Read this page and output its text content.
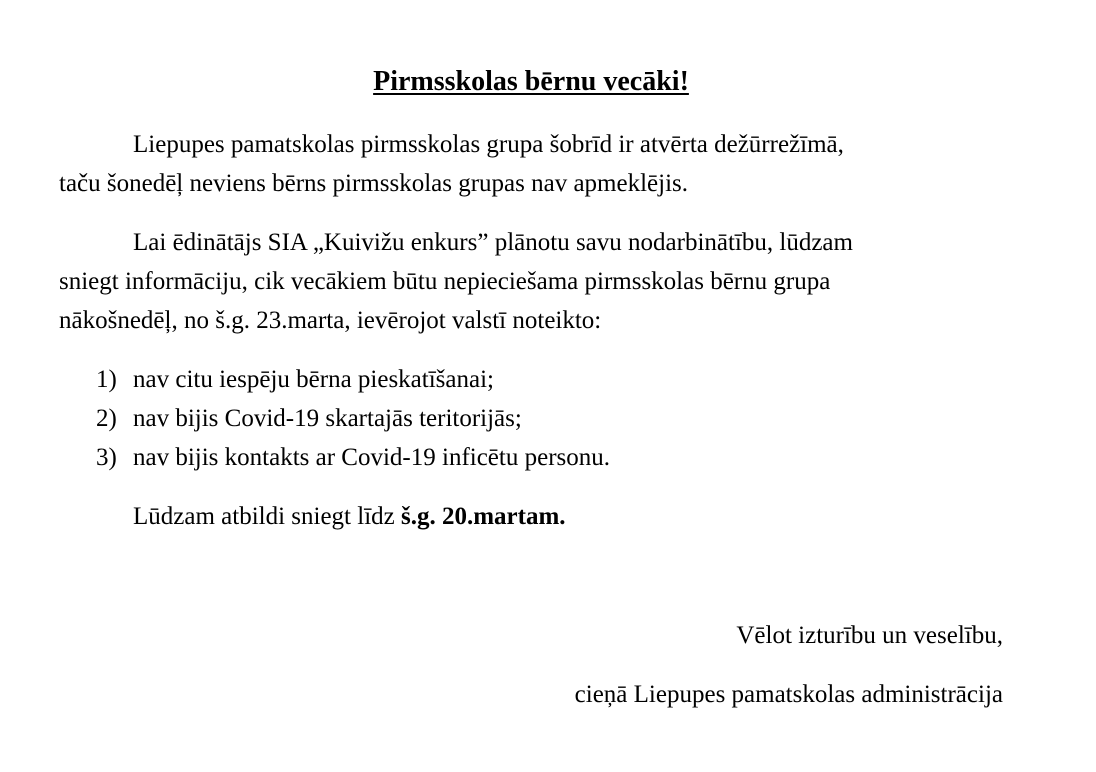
Pirmsskolas bērnu vecāki!
Liepupes pamatskolas pirmsskolas grupa šobrīd ir atvērta dežūrrežīmā,
taču šonedēļ neviens bērns pirmsskolas grupas nav apmeklējis.
Lai ēdinātājs SIA „Kuivižu enkurs” plānotu savu nodarbinātību, lūdzam
sniegt informāciju, cik vecākiem būtu nepieciešama pirmsskolas bērnu grupa
nākošnedēļ, no š.g. 23.marta, ievērojot valstī noteikto:
1) nav citu iespēju bērna pieskatīšanai;
2) nav bijis Covid-19 skartajās teritorijās;
3) nav bijis kontakts ar Covid-19 inficētu personu.
Lūdzam atbildi sniegt līdz š.g. 20.martam.
Vēlot izturību un veselību,
cieņā Liepupes pamatskolas administrācija
